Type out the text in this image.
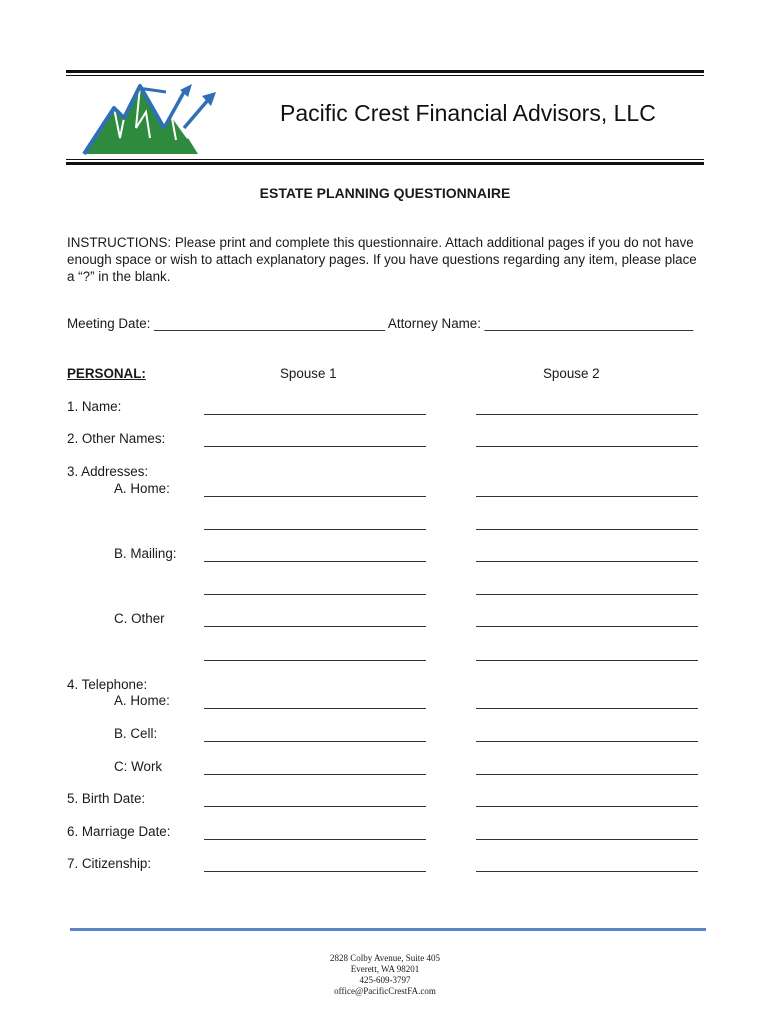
Pacific Crest Financial Advisors, LLC
ESTATE PLANNING QUESTIONNAIRE
INSTRUCTIONS: Please print and complete this questionnaire. Attach additional pages if you do not have enough space or wish to attach explanatory pages. If you have questions regarding any item, please place a “?” in the blank.
Meeting Date: _______________________________ Attorney Name: ____________________________
PERSONAL:	Spouse 1	Spouse 2
1. Name:
2. Other Names:
3. Addresses:
A. Home:
B. Mailing:
C. Other
4. Telephone:
A. Home:
B. Cell:
C: Work
5. Birth Date:
6. Marriage Date:
7. Citizenship:
2828 Colby Avenue, Suite 405
Everett, WA 98201
425-609-3797
office@PacificCrestFA.com
